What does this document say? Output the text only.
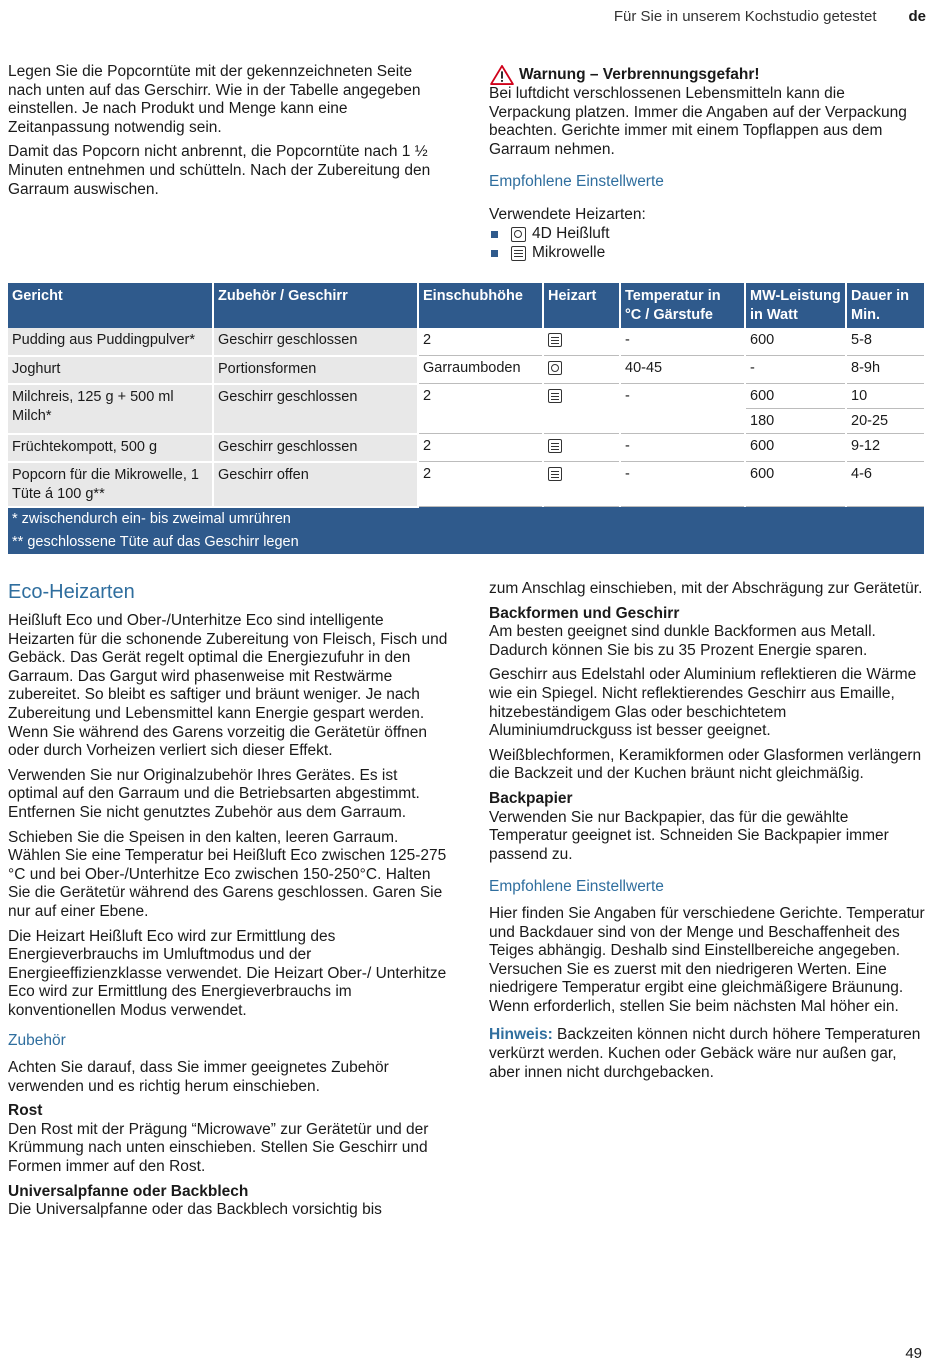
Für Sie in unserem Kochstudio getestet de

Legen Sie die Popcorntüte mit der gekennzeichneten Seite nach unten auf das Gerschirr. Wie in der Tabelle angegeben einstellen. Je nach Produkt und Menge kann eine Zeitanpassung notwendig sein.

Damit das Popcorn nicht anbrennt, die Popcorntüte nach 1 ½ Minuten entnehmen und schütteln. Nach der Zubereitung den Garraum auswischen.

Warnung – Verbrennungsgefahr!

Bei luftdicht verschlossenen Lebensmitteln kann die Verpackung platzen. Immer die Angaben auf der Verpackung beachten. Gerichte immer mit einem Topflappen aus dem Garraum nehmen.

Empfohlene Einstellwerte
Verwendete Heizarten:
4D Heißluft
Mikrowelle
Gericht	Zubehör / Geschirr	Einschubhöhe	Heizart	Temperatur in °C / Gärstufe	MW-Leistung in Watt	Dauer in Min.
Pudding aus Puddingpulver*	Geschirr geschlossen	2		-	600	5-8
Joghurt	Portionsformen	Garraumboden		40-45	-	8-9h
Milchreis, 125 g + 500 ml Milch*	Geschirr geschlossen	2		-	600	10
					180	20-25
Früchtekompott, 500 g	Geschirr geschlossen	2		-	600	9-12
Popcorn für die Mikrowelle, 1 Tüte á 100 g**	Geschirr offen	2		-	600	4-6

* zwischendurch ein- bis zweimal umrühren
** geschlossene Tüte auf das Geschirr legen						
Eco-Heizarten

Heißluft Eco und Ober-/Unterhitze Eco sind intelligente Heizarten für die schonende Zubereitung von Fleisch, Fisch und Gebäck. Das Gerät regelt optimal die Energiezufuhr in den Garraum. Das Gargut wird phasenweise mit Restwärme zubereitet. So bleibt es saftiger und bräunt weniger. Je nach Zubereitung und Lebensmittel kann Energie gespart werden. Wenn Sie während des Garens vorzeitig die Gerätetür öffnen oder durch Vorheizen verliert sich dieser Effekt.

Verwenden Sie nur Originalzubehör Ihres Gerätes. Es ist optimal auf den Garraum und die Betriebsarten abgestimmt. Entfernen Sie nicht genutztes Zubehör aus dem Garraum.

Schieben Sie die Speisen in den kalten, leeren Garraum. Wählen Sie eine Temperatur bei Heißluft Eco zwischen 125-275 °C und bei Ober-/Unterhitze Eco zwischen 150-250°C. Halten Sie die Gerätetür während des Garens geschlossen. Garen Sie nur auf einer Ebene.

Die Heizart Heißluft Eco wird zur Ermittlung des Energieverbrauchs im Umluftmodus und der Energieeffizienzklasse verwendet. Die Heizart Ober-/ Unterhitze Eco wird zur Ermittlung des Energieverbrauchs im konventionellen Modus verwendet.

Zubehör

Achten Sie darauf, dass Sie immer geeignetes Zubehör verwenden und es richtig herum einschieben.

Rost

Den Rost mit der Prägung “Microwave” zur Gerätetür und der Krümmung nach unten einschieben. Stellen Sie Geschirr und Formen immer auf den Rost.

Universalpfanne oder Backblech

Die Universalpfanne oder das Backblech vorsichtig bis

zum Anschlag einschieben, mit der Abschrägung zur Gerätetür.

Backformen und Geschirr

Am besten geeignet sind dunkle Backformen aus Metall. Dadurch können Sie bis zu 35 Prozent Energie sparen.

Geschirr aus Edelstahl oder Aluminium reflektieren die Wärme wie ein Spiegel. Nicht reflektierendes Geschirr aus Emaille, hitzebeständigem Glas oder beschichtetem Aluminiumdruckguss ist besser geeignet.

Weißblechformen, Keramikformen oder Glasformen verlängern die Backzeit und der Kuchen bräunt nicht gleichmäßig.

Backpapier

Verwenden Sie nur Backpapier, das für die gewählte Temperatur geeignet ist. Schneiden Sie Backpapier immer passend zu.

Empfohlene Einstellwerte

Hier finden Sie Angaben für verschiedene Gerichte. Temperatur und Backdauer sind von der Menge und Beschaffenheit des Teiges abhängig. Deshalb sind Einstellbereiche angegeben. Versuchen Sie es zuerst mit den niedrigeren Werten. Eine niedrigere Temperatur ergibt eine gleichmäßigere Bräunung. Wenn erforderlich, stellen Sie beim nächsten Mal höher ein.

Hinweis: Backzeiten können nicht durch höhere Temperaturen verkürzt werden. Kuchen oder Gebäck wäre nur außen gar, aber innen nicht durchgebacken.

49
